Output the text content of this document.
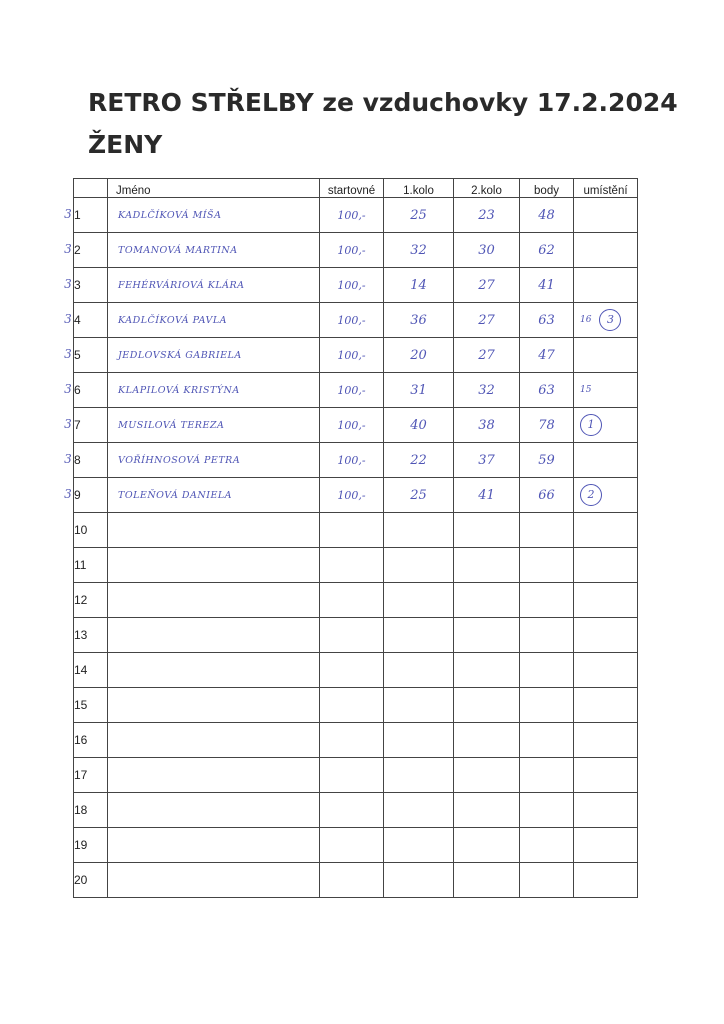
RETRO STŘELBY ze vzduchovky 17.2.2024
ŽENY
3
3
3
3
3
3
3
3
3
	Jméno	startovné	1.kolo	2.kolo	body	umístění
1	KADLČÍKOVÁ MÍŠA	100,-	25	23	48	
2	TOMANOVÁ MARTINA	100,-	32	30	62	
3	FEHÉRVÁRIOVÁ KLÁRA	100,-	14	27	41	
4	KADLČÍKOVÁ PAVLA	100,-	36	27	63	16 3
5	JEDLOVSKÁ GABRIELA	100,-	20	27	47	
6	KLAPILOVÁ KRISTÝNA	100,-	31	32	63	15
7	MUSILOVÁ TEREZA	100,-	40	38	78	1
8	VOŘÍHNOSOVÁ PETRA	100,-	22	37	59	
9	TOLEŇOVÁ DANIELA	100,-	25	41	66	2
10						
11						
12						
13						
14						
15						
16						
17						
18						
19						
20						
